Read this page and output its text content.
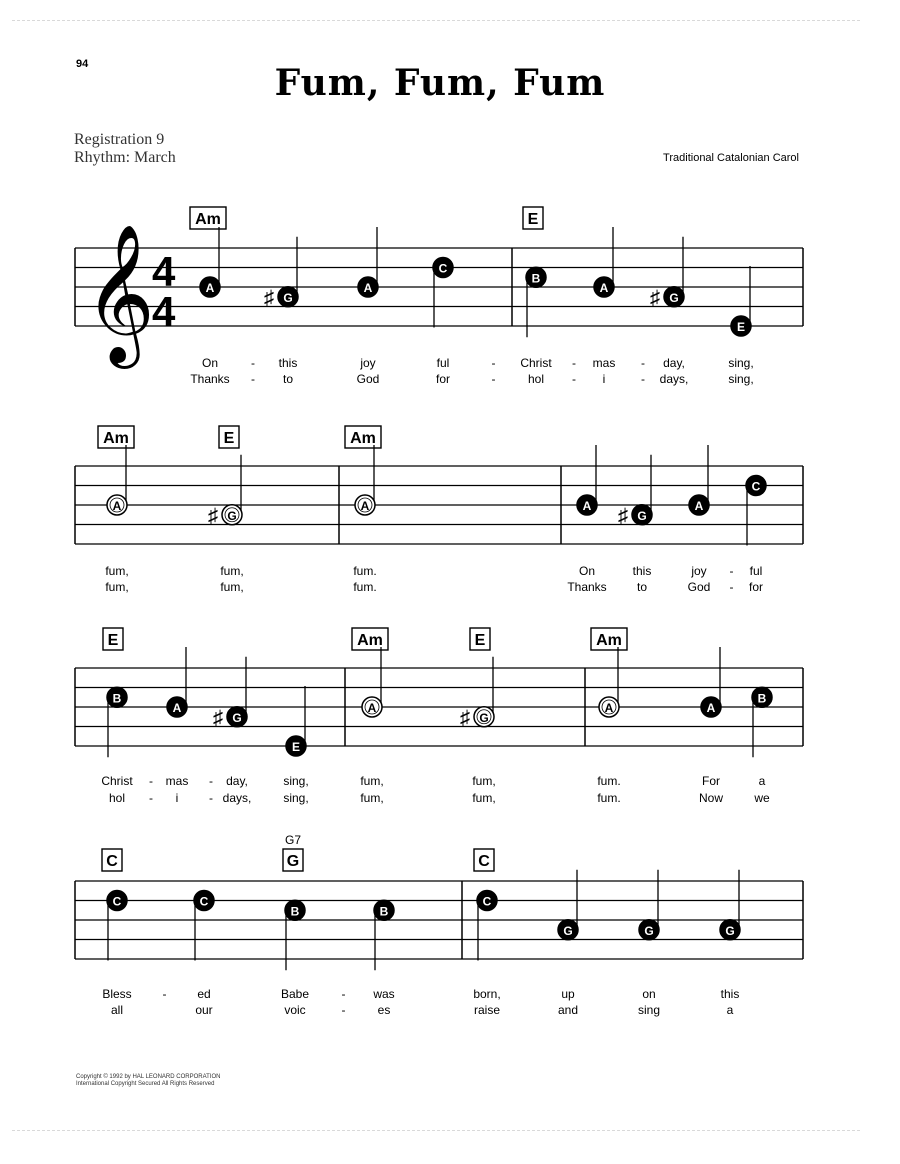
94	Fum, Fum, Fum
Registration 9
Rhythm: March	Traditional Catalonian Carol
𝄞
4
4
Am	E
A
On
Thanks
♯ G
this
to
A
joy
God
C
ful
for
B
Christ
hol
A
mas
i
♯ G
day,
days,
E
sing,
sing,
-
-
-
-
-
-
-
-
Am	E	Am
A
fum,
fum,
♯ G
fum,
fum,
A
fum.
fum.
A
On
Thanks
♯ G
this
to
A
joy
God
C
ful
for
-
-
E	Am	E	Am
B
Christ
hol
A
mas
i
♯ G
day,
days,
E
sing,
sing,
A
fum,
fum,
♯ G
fum,
fum,
A
fum.
fum.
A
For
Now
B
a
we
-
-
-
-
C	G
G7
C
C
Bless
all
C
ed
our
B
Babe
voic
B
was
es
C
born,
raise
G
up
and
G
on
sing
G
this
a
-	-
-
Copyright © 1992 by HAL LEONARD CORPORATION
International Copyright Secured All Rights Reserved
